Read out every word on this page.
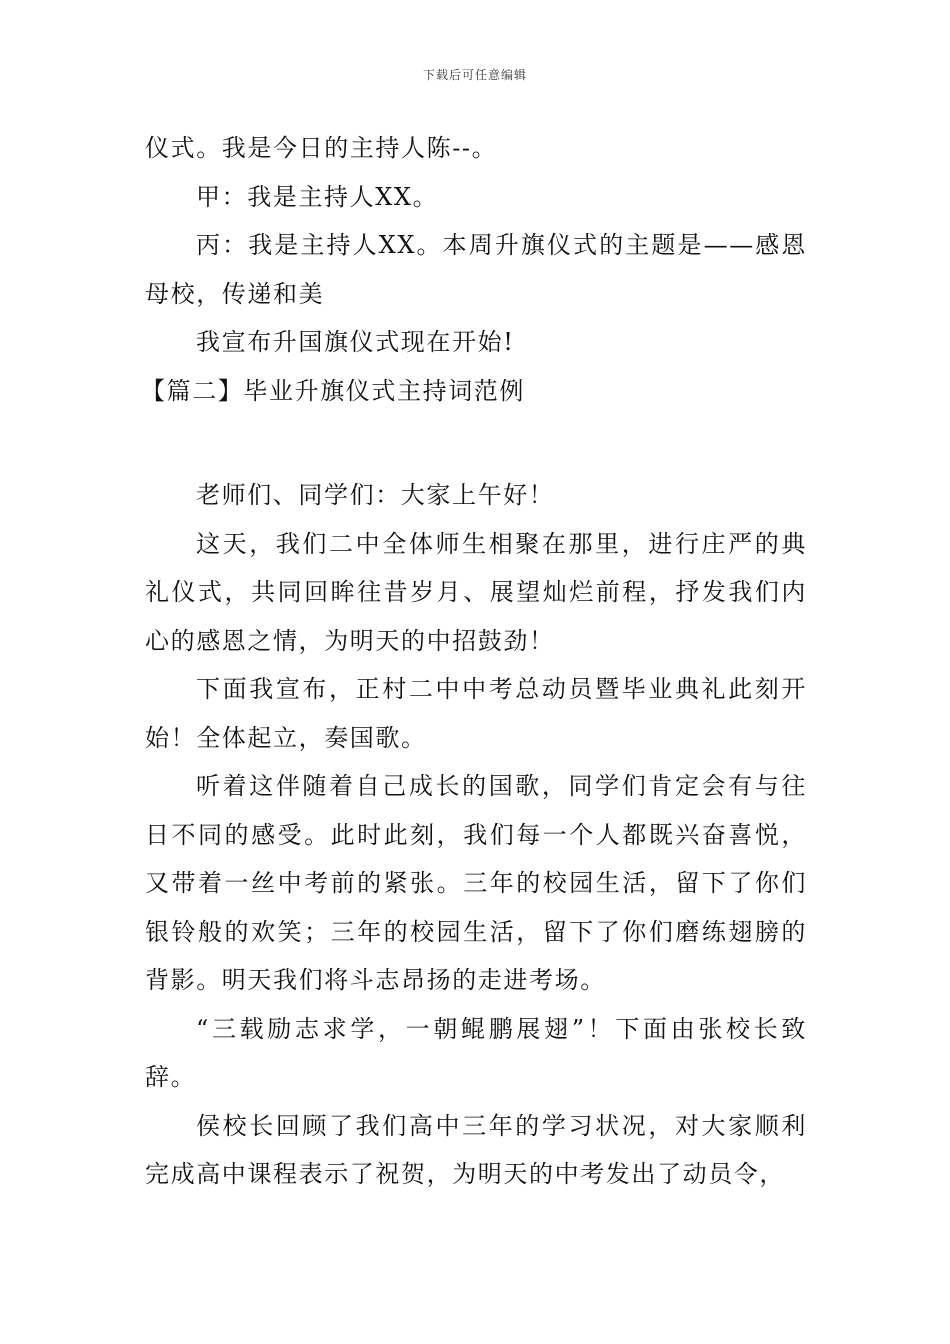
下载后可任意编辑

仪式。我是今日的主持人陈--。

甲：我是主持人XX。

丙：我是主持人XX。本周升旗仪式的主题是——感恩母校，传递和美

我宣布升国旗仪式现在开始!

【篇二】毕业升旗仪式主持词范例

老师们、同学们：大家上午好！

这天，我们二中全体师生相聚在那里，进行庄严的典礼仪式，共同回眸往昔岁月、展望灿烂前程，抒发我们内心的感恩之情，为明天的中招鼓劲！

下面我宣布，正村二中中考总动员暨毕业典礼此刻开始！全体起立，奏国歌。

听着这伴随着自己成长的国歌，同学们肯定会有与往日不同的感受。此时此刻，我们每一个人都既兴奋喜悦，又带着一丝中考前的紧张。三年的校园生活，留下了你们银铃般的欢笑；三年的校园生活，留下了你们磨练翅膀的背影。明天我们将斗志昂扬的走进考场。

“三载励志求学，一朝鲲鹏展翅”！下面由张校长致辞。

侯校长回顾了我们高中三年的学习状况，对大家顺利完成高中课程表示了祝贺，为明天的中考发出了动员令，
